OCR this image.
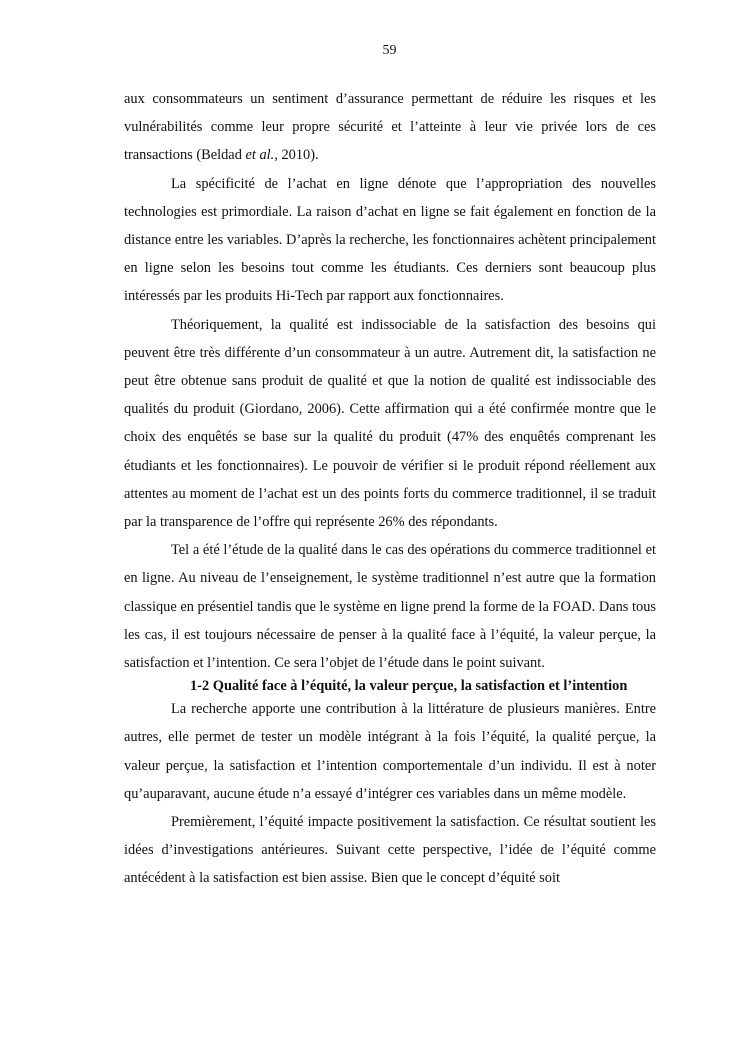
59

aux consommateurs un sentiment d’assurance permettant de réduire les risques et les vulnérabilités comme leur propre sécurité et l’atteinte à leur vie privée lors de ces transactions (Beldad et al., 2010).

La spécificité de l’achat en ligne dénote que l’appropriation des nouvelles technologies est primordiale. La raison d’achat en ligne se fait également en fonction de la distance entre les variables. D’après la recherche, les fonctionnaires achètent principalement en ligne selon les besoins tout comme les étudiants. Ces derniers sont beaucoup plus intéressés par les produits Hi-Tech par rapport aux fonctionnaires.

Théoriquement, la qualité est indissociable de la satisfaction des besoins qui peuvent être très différente d’un consommateur à un autre. Autrement dit, la satisfaction ne peut être obtenue sans produit de qualité et que la notion de qualité est indissociable des qualités du produit (Giordano, 2006). Cette affirmation qui a été confirmée montre que le choix des enquêtés se base sur la qualité du produit (47% des enquêtés comprenant les étudiants et les fonctionnaires). Le pouvoir de vérifier si le produit répond réellement aux attentes au moment de l’achat est un des points forts du commerce traditionnel, il se traduit par la transparence de l’offre qui représente 26% des répondants.

Tel a été l’étude de la qualité dans le cas des opérations du commerce traditionnel et en ligne. Au niveau de l’enseignement, le système traditionnel n’est autre que la formation classique en présentiel tandis que le système en ligne prend la forme de la FOAD. Dans tous les cas, il est toujours nécessaire de penser à la qualité face à l’équité, la valeur perçue, la satisfaction et l’intention. Ce sera l’objet de l’étude dans le point suivant.

1-2 Qualité face à l’équité, la valeur perçue, la satisfaction et l’intention

La recherche apporte une contribution à la littérature de plusieurs manières. Entre autres, elle permet de tester un modèle intégrant à la fois l’équité, la qualité perçue, la valeur perçue, la satisfaction et l’intention comportementale d’un individu. Il est à noter qu’auparavant, aucune étude n’a essayé d’intégrer ces variables dans un même modèle.

Premièrement, l’équité impacte positivement la satisfaction. Ce résultat soutient les idées d’investigations antérieures. Suivant cette perspective, l’idée de l’équité comme antécédent à la satisfaction est bien assise. Bien que le concept d’équité soit
